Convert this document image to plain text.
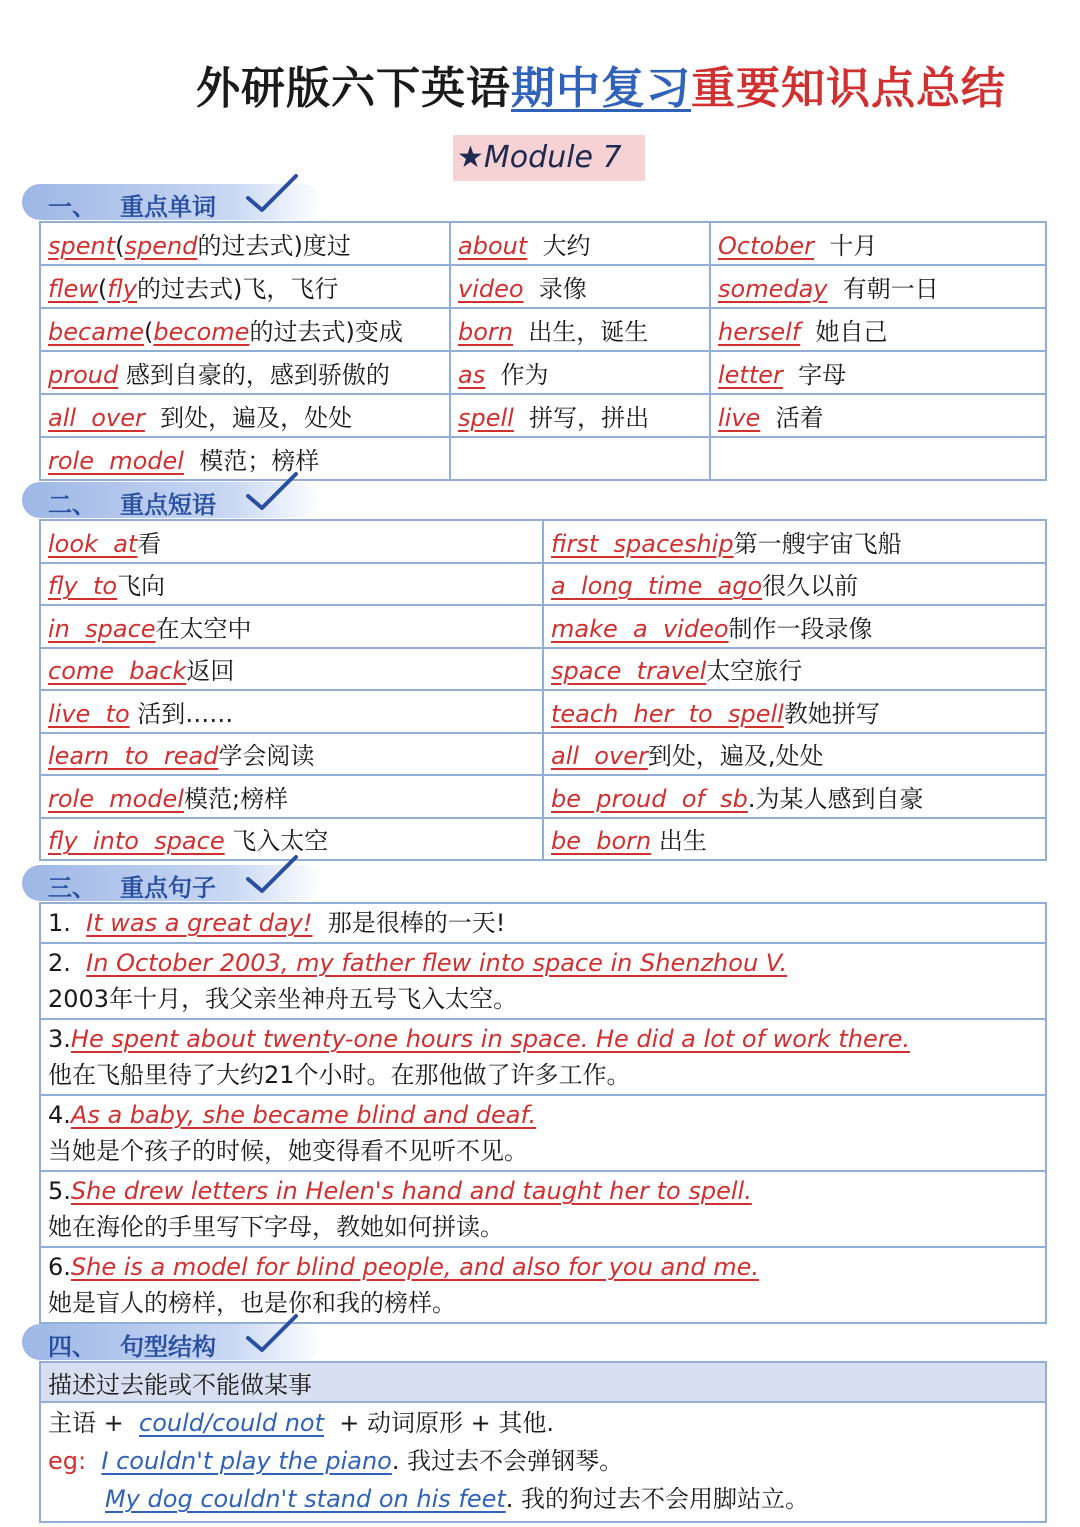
外研版六下英语期中复习重要知识点总结
★Module 7
一、 重点单词
spent(spend的过去式)度过	about 大约	October 十月
flew(fly的过去式)飞，飞行	video 录像	someday 有朝一日
became(become的过去式)变成	born 出生，诞生	herself 她自己
proud 感到自豪的，感到骄傲的	as 作为	letter 字母
all  over 到处，遍及，处处	spell 拼写，拼出	live 活着
role  model 模范；榜样		
二、 重点短语
look  at看	first  spaceship第一艘宇宙飞船
fly  to飞向	a  long  time  ago很久以前
in  space在太空中	make  a  video制作一段录像
come  back返回	space  travel太空旅行
live  to 活到……	teach  her  to  spell教她拼写
learn  to  read学会阅读	all  over到处，遍及,处处
role  model模范;榜样	be  proud  of  sb.为某人感到自豪
fly  into  space 飞入太空	be  born 出生
三、 重点句子
1. It was a great day! 那是很棒的一天!

2. In October 2003, my father flew into space in Shenzhou V.
2003年十月，我父亲坐神舟五号飞入太空。

3.He spent about twenty-one hours in space. He did a lot of work there.
他在飞船里待了大约21个小时。在那他做了许多工作。

4.As a baby, she became blind and deaf.
当她是个孩子的时候，她变得看不见听不见。

5.She drew letters in Helen's hand and taught her to spell.
她在海伦的手里写下字母，教她如何拼读。

6.She is a model for blind people, and also for you and me.
她是盲人的榜样，也是你和我的榜样。
四、 句型结构
描述过去能或不能做某事

主语 +  could/could not  + 动词原形 + 其他.
eg: I couldn't play the piano. 我过去不会弹钢琴。
My dog couldn't stand on his feet. 我的狗过去不会用脚站立。
